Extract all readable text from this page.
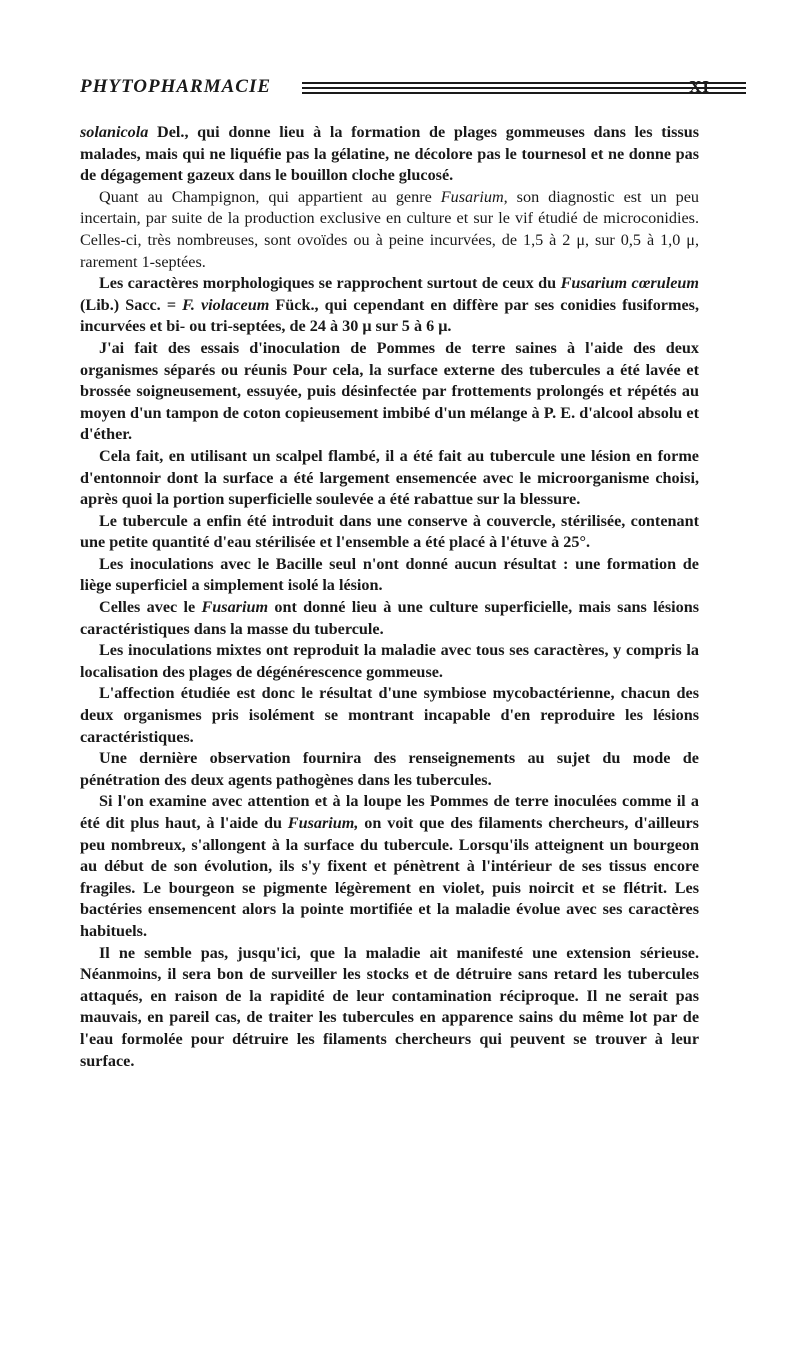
PHYTOPHARMACIE	XI

solanicola Del., qui donne lieu à la formation de plages gommeuses dans les tissus malades, mais qui ne liquéfie pas la gélatine, ne décolore pas le tournesol et ne donne pas de dégagement gazeux dans le bouillon cloche glucosé.

Quant au Champignon, qui appartient au genre Fusarium, son diagnostic est un peu incertain, par suite de la production exclusive en culture et sur le vif étudié de microconidies. Celles-ci, très nombreuses, sont ovoïdes ou à peine incurvées, de 1,5 à 2 μ, sur 0,5 à 1,0 μ, rarement 1-septées.

Les caractères morphologiques se rapprochent surtout de ceux du Fusarium cœruleum (Lib.) Sacc. = F. violaceum Fück., qui cependant en diffère par ses conidies fusiformes, incurvées et bi- ou tri-septées, de 24 à 30 μ sur 5 à 6 μ.

J'ai fait des essais d'inoculation de Pommes de terre saines à l'aide des deux organismes séparés ou réunis Pour cela, la surface externe des tubercules a été lavée et brossée soigneusement, essuyée, puis désinfectée par frottements prolongés et répétés au moyen d'un tampon de coton copieusement imbibé d'un mélange à P. E. d'alcool absolu et d'éther.

Cela fait, en utilisant un scalpel flambé, il a été fait au tubercule une lésion en forme d'entonnoir dont la surface a été largement ensemencée avec le microorganisme choisi, après quoi la portion superficielle soulevée a été rabattue sur la blessure.

Le tubercule a enfin été introduit dans une conserve à couvercle, stérilisée, contenant une petite quantité d'eau stérilisée et l'ensemble a été placé à l'étuve à 25°.

Les inoculations avec le Bacille seul n'ont donné aucun résultat : une formation de liège superficiel a simplement isolé la lésion.

Celles avec le Fusarium ont donné lieu à une culture superficielle, mais sans lésions caractéristiques dans la masse du tubercule.

Les inoculations mixtes ont reproduit la maladie avec tous ses caractères, y compris la localisation des plages de dégénérescence gommeuse.

L'affection étudiée est donc le résultat d'une symbiose mycobactérienne, chacun des deux organismes pris isolément se montrant incapable d'en reproduire les lésions caractéristiques.

Une dernière observation fournira des renseignements au sujet du mode de pénétration des deux agents pathogènes dans les tubercules.

Si l'on examine avec attention et à la loupe les Pommes de terre inoculées comme il a été dit plus haut, à l'aide du Fusarium, on voit que des filaments chercheurs, d'ailleurs peu nombreux, s'allongent à la surface du tubercule. Lorsqu'ils atteignent un bourgeon au début de son évolution, ils s'y fixent et pénètrent à l'intérieur de ses tissus encore fragiles. Le bourgeon se pigmente légèrement en violet, puis noircit et se flétrit. Les bactéries ensemencent alors la pointe mortifiée et la maladie évolue avec ses caractères habituels.

Il ne semble pas, jusqu'ici, que la maladie ait manifesté une extension sérieuse. Néanmoins, il sera bon de surveiller les stocks et de détruire sans retard les tubercules attaqués, en raison de la rapidité de leur contamination réciproque. Il ne serait pas mauvais, en pareil cas, de traiter les tubercules en apparence sains du même lot par de l'eau formolée pour détruire les filaments chercheurs qui peuvent se trouver à leur surface.
